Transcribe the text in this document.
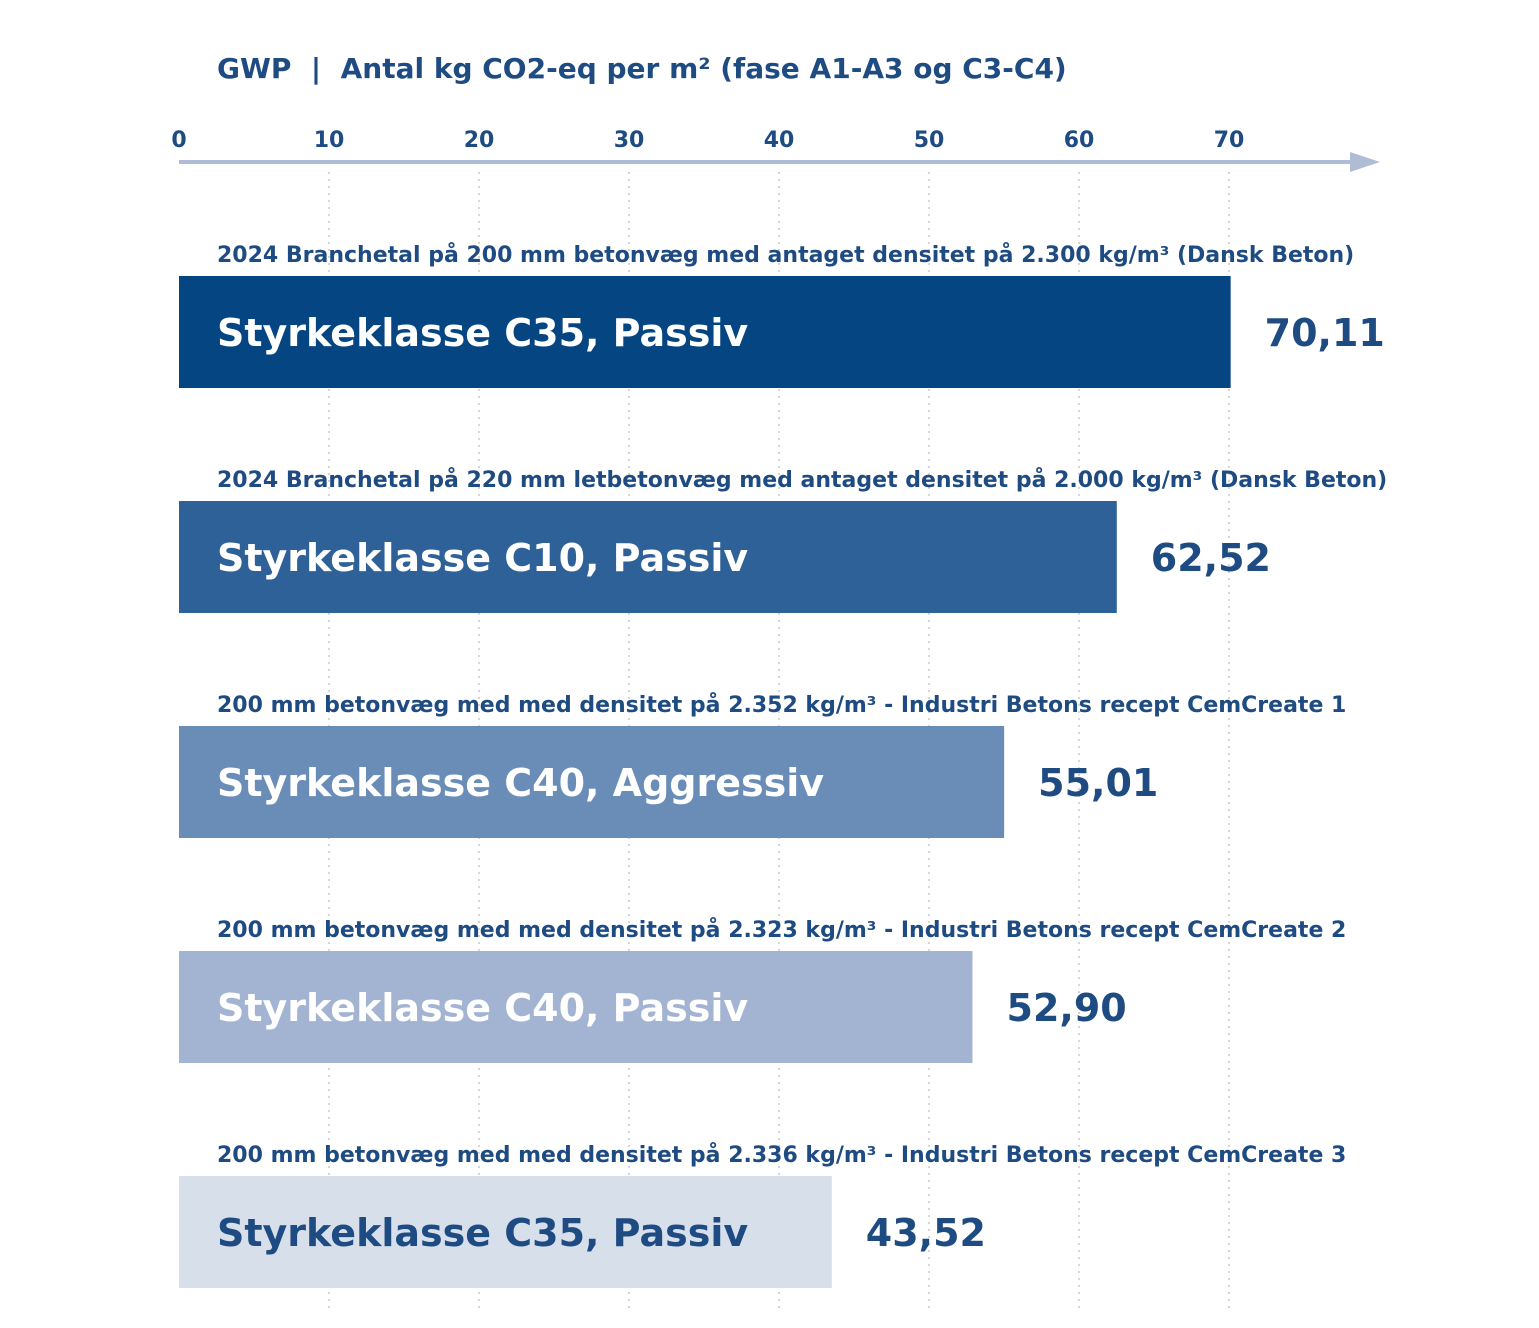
GWP  |  Antal kg CO2-eq per m² (fase A1-A3 og C3-C4)
0	10	20	30	40	50	60	70
2024 Branchetal på 200 mm betonvæg med antaget densitet på 2.300 kg/m³ (Dansk Beton)
Styrkeklasse C35, Passiv	70,11
2024 Branchetal på 220 mm letbetonvæg med antaget densitet på 2.000 kg/m³ (Dansk Beton)
Styrkeklasse C10, Passiv	62,52
200 mm betonvæg med med densitet på 2.352 kg/m³ - Industri Betons recept CemCreate 1
Styrkeklasse C40, Aggressiv	55,01
200 mm betonvæg med med densitet på 2.323 kg/m³ - Industri Betons recept CemCreate 2
Styrkeklasse C40, Passiv	52,90
200 mm betonvæg med med densitet på 2.336 kg/m³ - Industri Betons recept CemCreate 3
Styrkeklasse C35, Passiv	43,52
